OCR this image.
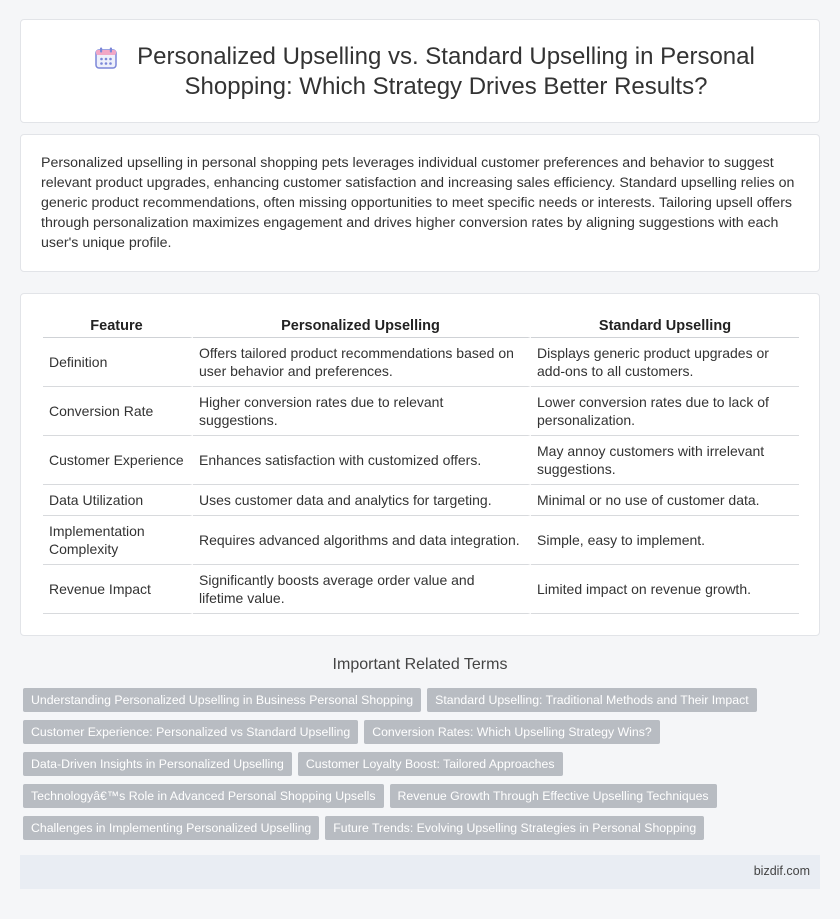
Personalized Upselling vs. Standard Upselling in Personal Shopping: Which Strategy Drives Better Results?

Personalized upselling in personal shopping pets leverages individual customer preferences and behavior to suggest relevant product upgrades, enhancing customer satisfaction and increasing sales efficiency. Standard upselling relies on generic product recommendations, often missing opportunities to meet specific needs or interests. Tailoring upsell offers through personalization maximizes engagement and drives higher conversion rates by aligning suggestions with each user's unique profile.

Feature	Personalized Upselling	Standard Upselling
Definition	Offers tailored product recommendations based on user behavior and preferences.	Displays generic product upgrades or add-ons to all customers.
Conversion Rate	Higher conversion rates due to relevant suggestions.	Lower conversion rates due to lack of personalization.
Customer Experience	Enhances satisfaction with customized offers.	May annoy customers with irrelevant suggestions.
Data Utilization	Uses customer data and analytics for targeting.	Minimal or no use of customer data.
Implementation Complexity	Requires advanced algorithms and data integration.	Simple, easy to implement.
Revenue Impact	Significantly boosts average order value and lifetime value.	Limited impact on revenue growth.
Important Related Terms
Understanding Personalized Upselling in Business Personal Shopping Standard Upselling: Traditional Methods and Their Impact
Customer Experience: Personalized vs Standard Upselling Conversion Rates: Which Upselling Strategy Wins?
Data-Driven Insights in Personalized Upselling Customer Loyalty Boost: Tailored Approaches
Technologyâ€™s Role in Advanced Personal Shopping Upsells Revenue Growth Through Effective Upselling Techniques
Challenges in Implementing Personalized Upselling Future Trends: Evolving Upselling Strategies in Personal Shopping
bizdif.com
